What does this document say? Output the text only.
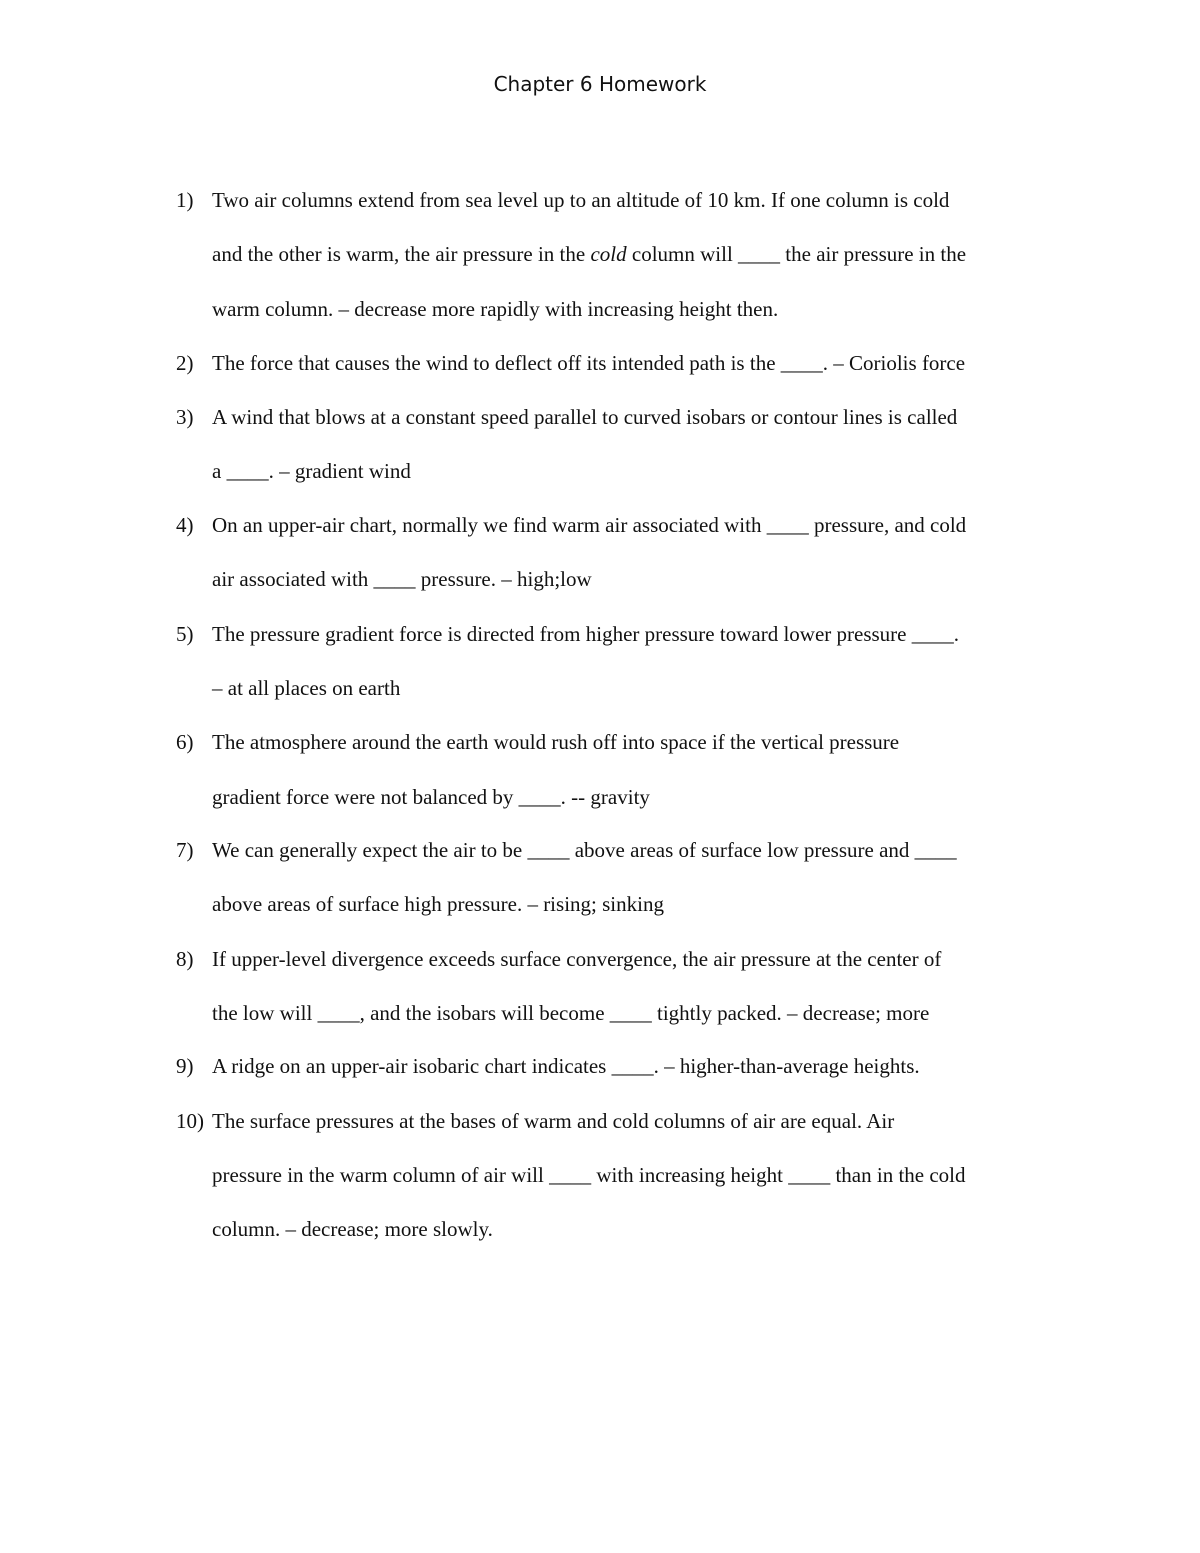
Chapter 6 Homework
1) Two air columns extend from sea level up to an altitude of 10 km. If one column is cold
and the other is warm, the air pressure in the cold column will ____ the air pressure in the
warm column. – decrease more rapidly with increasing height then.
2) The force that causes the wind to deflect off its intended path is the ____. – Coriolis force
3) A wind that blows at a constant speed parallel to curved isobars or contour lines is called
a ____. – gradient wind
4) On an upper-air chart, normally we find warm air associated with ____ pressure, and cold
air associated with ____ pressure. – high;low
5) The pressure gradient force is directed from higher pressure toward lower pressure ____.
– at all places on earth
6) The atmosphere around the earth would rush off into space if the vertical pressure
gradient force were not balanced by ____. -- gravity
7) We can generally expect the air to be ____ above areas of surface low pressure and ____
above areas of surface high pressure. – rising; sinking
8) If upper-level divergence exceeds surface convergence, the air pressure at the center of
the low will ____, and the isobars will become ____ tightly packed. – decrease; more
9) A ridge on an upper-air isobaric chart indicates ____. – higher-than-average heights.
10) The surface pressures at the bases of warm and cold columns of air are equal. Air
pressure in the warm column of air will ____ with increasing height ____ than in the cold
column. – decrease; more slowly.
